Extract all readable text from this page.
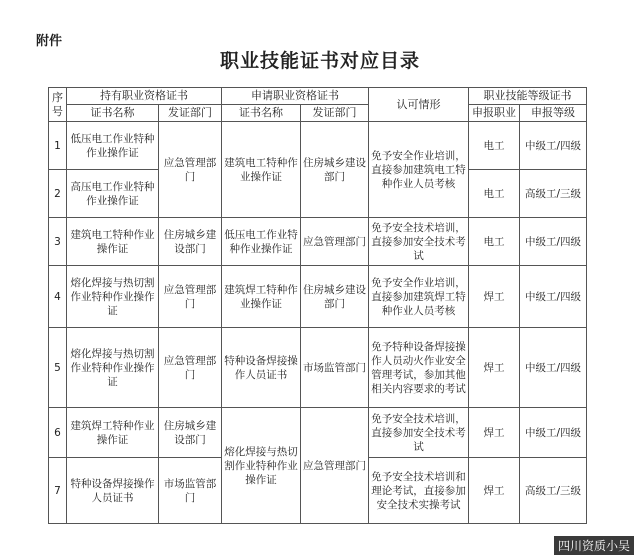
附件
职业技能证书对应目录
序号	持有职业资格证书		申请职业资格证书		认可情形	职业技能等级证书	
	证书名称	发证部门	证书名称	发证部门		申报职业	申报等级
1	低压电工作业特种作业操作证	应急管理部门	建筑电工特种作业操作证	住房城乡建设部门	免予安全作业培训，直接参加建筑电工特种作业人员考核	电工	中级工/四级
2	高压电工作业特种作业操作证					电工	高级工/三级
3	建筑电工特种作业操作证	住房城乡建设部门	低压电工作业特种作业操作证	应急管理部门	免予安全技术培训，直接参加安全技术考试	电工	中级工/四级
4	熔化焊接与热切割作业特种作业操作证	应急管理部门	建筑焊工特种作业操作证	住房城乡建设部门	免予安全作业培训，直接参加建筑焊工特种作业人员考核	焊工	中级工/四级
5	熔化焊接与热切割作业特种作业操作证	应急管理部门	特种设备焊接操作人员证书	市场监管部门	免予特种设备焊接操作人员动火作业安全管理考试，参加其他相关内容要求的考试	焊工	中级工/四级
6	建筑焊工特种作业操作证	住房城乡建设部门	熔化焊接与热切割作业特种作业操作证	应急管理部门	免予安全技术培训，直接参加安全技术考试	焊工	中级工/四级
7	特种设备焊接操作人员证书	市场监管部门			免予安全技术培训和理论考试，直接参加安全技术实操考试	焊工	高级工/三级
四川资质小吴
